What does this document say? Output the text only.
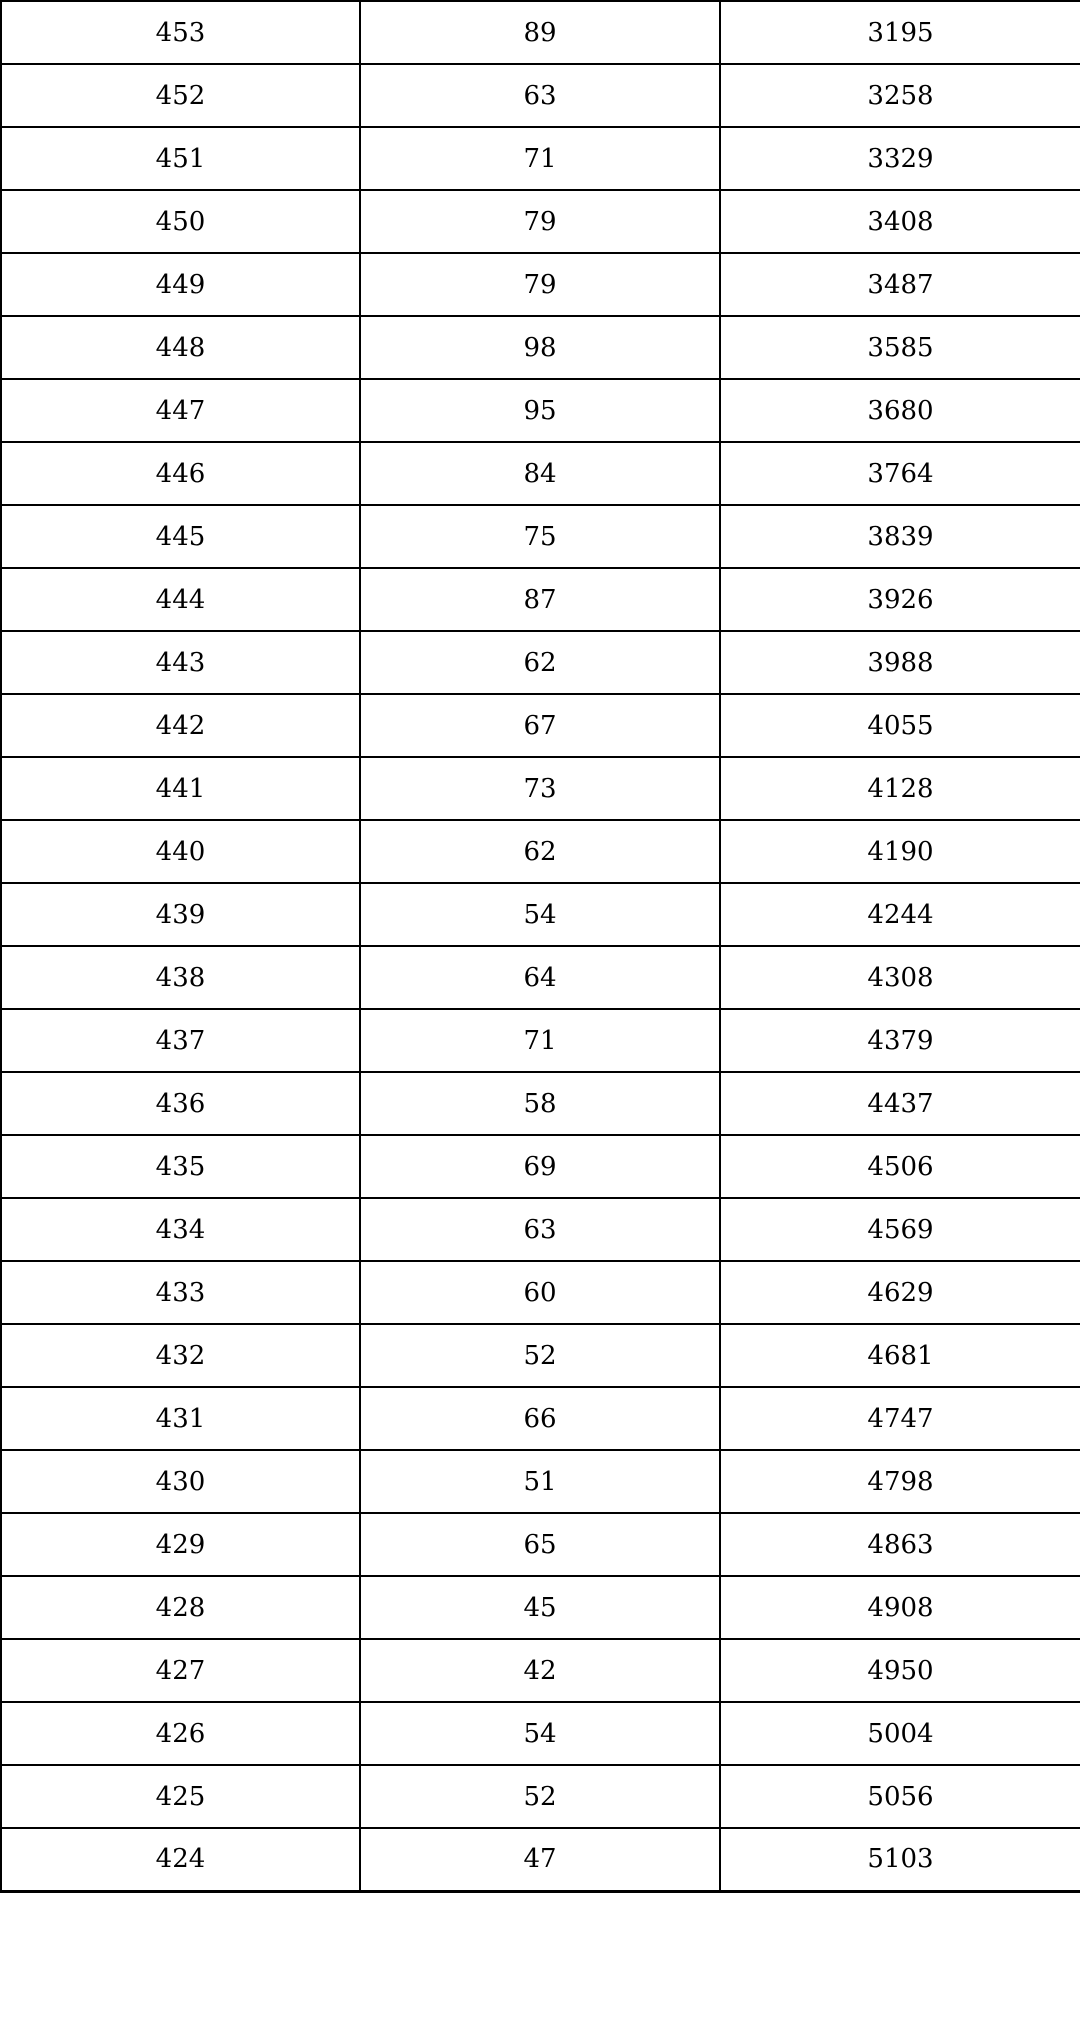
453	89	3195
452	63	3258
451	71	3329
450	79	3408
449	79	3487
448	98	3585
447	95	3680
446	84	3764
445	75	3839
444	87	3926
443	62	3988
442	67	4055
441	73	4128
440	62	4190
439	54	4244
438	64	4308
437	71	4379
436	58	4437
435	69	4506
434	63	4569
433	60	4629
432	52	4681
431	66	4747
430	51	4798
429	65	4863
428	45	4908
427	42	4950
426	54	5004
425	52	5056
424	47	5103
